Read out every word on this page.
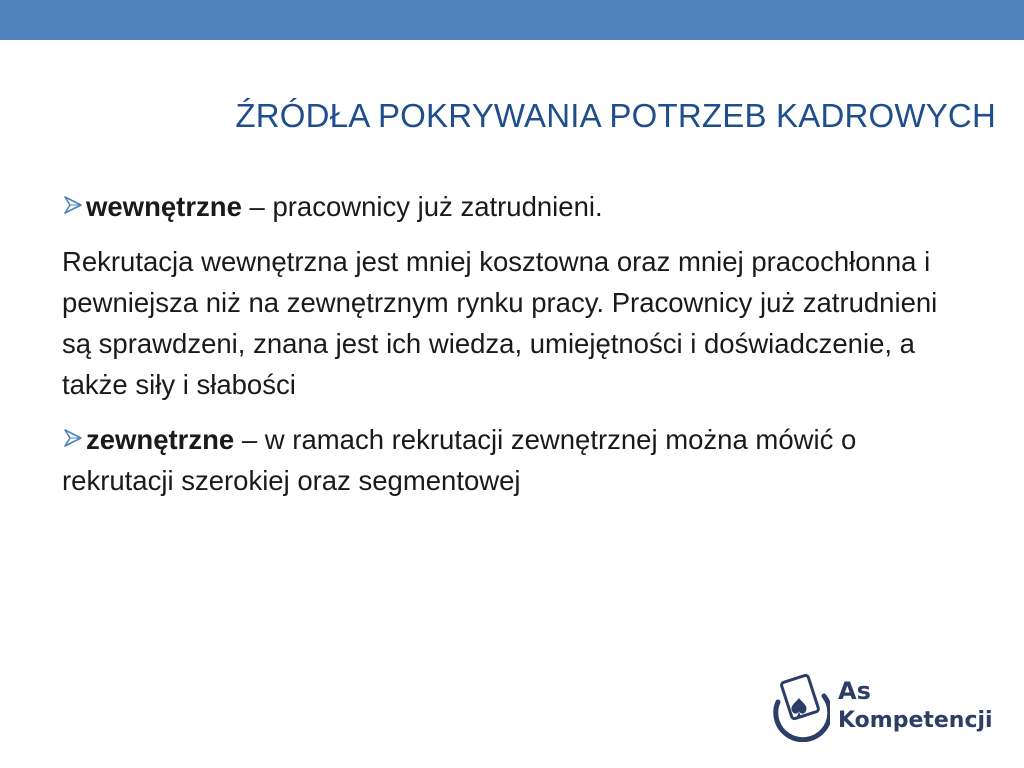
ŹRÓDŁA POKRYWANIA POTRZEB KADROWYCH

wewnętrzne – pracownicy już zatrudnieni.

Rekrutacja wewnętrzna jest mniej kosztowna oraz mniej pracochłonna i pewniejsza niż na zewnętrznym rynku pracy. Pracownicy już zatrudnieni są sprawdzeni, znana jest ich wiedza, umiejętności i doświadczenie, a także siły i słabości

zewnętrzne – w ramach rekrutacji zewnętrznej można mówić o rekrutacji szerokiej oraz segmentowej

As
Kompetencji
